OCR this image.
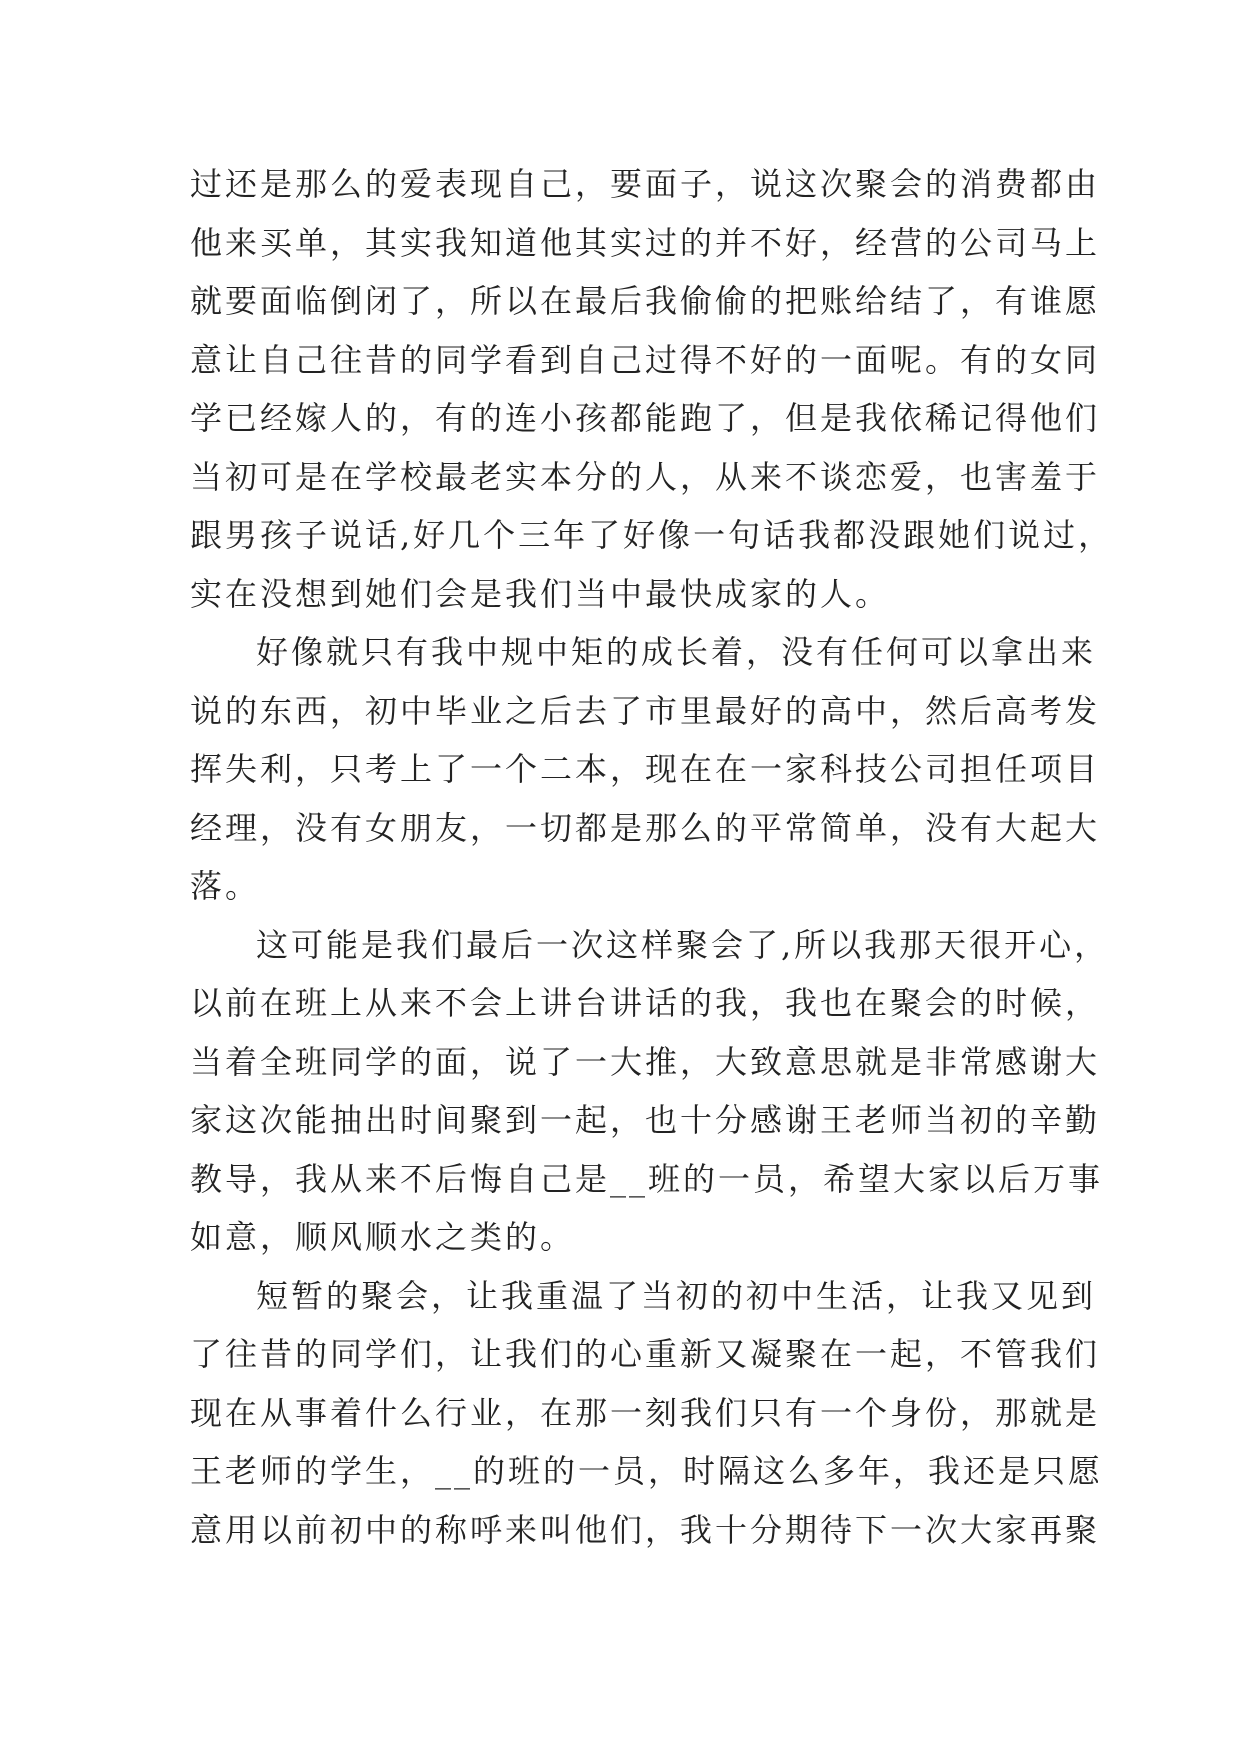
过还是那么的爱表现自己，要面子，说这次聚会的消费都由
他来买单，其实我知道他其实过的并不好，经营的公司马上
就要面临倒闭了，所以在最后我偷偷的把账给结了，有谁愿
意让自己往昔的同学看到自己过得不好的一面呢。有的女同
学已经嫁人的，有的连小孩都能跑了，但是我依稀记得他们
当初可是在学校最老实本分的人，从来不谈恋爱，也害羞于
跟男孩子说话,好几个三年了好像一句话我都没跟她们说过，
实在没想到她们会是我们当中最快成家的人。
好像就只有我中规中矩的成长着，没有任何可以拿出来
说的东西，初中毕业之后去了市里最好的高中，然后高考发
挥失利，只考上了一个二本，现在在一家科技公司担任项目
经理，没有女朋友，一切都是那么的平常简单，没有大起大
落。
这可能是我们最后一次这样聚会了,所以我那天很开心，
以前在班上从来不会上讲台讲话的我，我也在聚会的时候，
当着全班同学的面，说了一大推，大致意思就是非常感谢大
家这次能抽出时间聚到一起，也十分感谢王老师当初的辛勤
教导，我从来不后悔自己是__班的一员，希望大家以后万事
如意，顺风顺水之类的。
短暂的聚会，让我重温了当初的初中生活，让我又见到
了往昔的同学们，让我们的心重新又凝聚在一起，不管我们
现在从事着什么行业，在那一刻我们只有一个身份，那就是
王老师的学生，__的班的一员，时隔这么多年，我还是只愿
意用以前初中的称呼来叫他们，我十分期待下一次大家再聚
